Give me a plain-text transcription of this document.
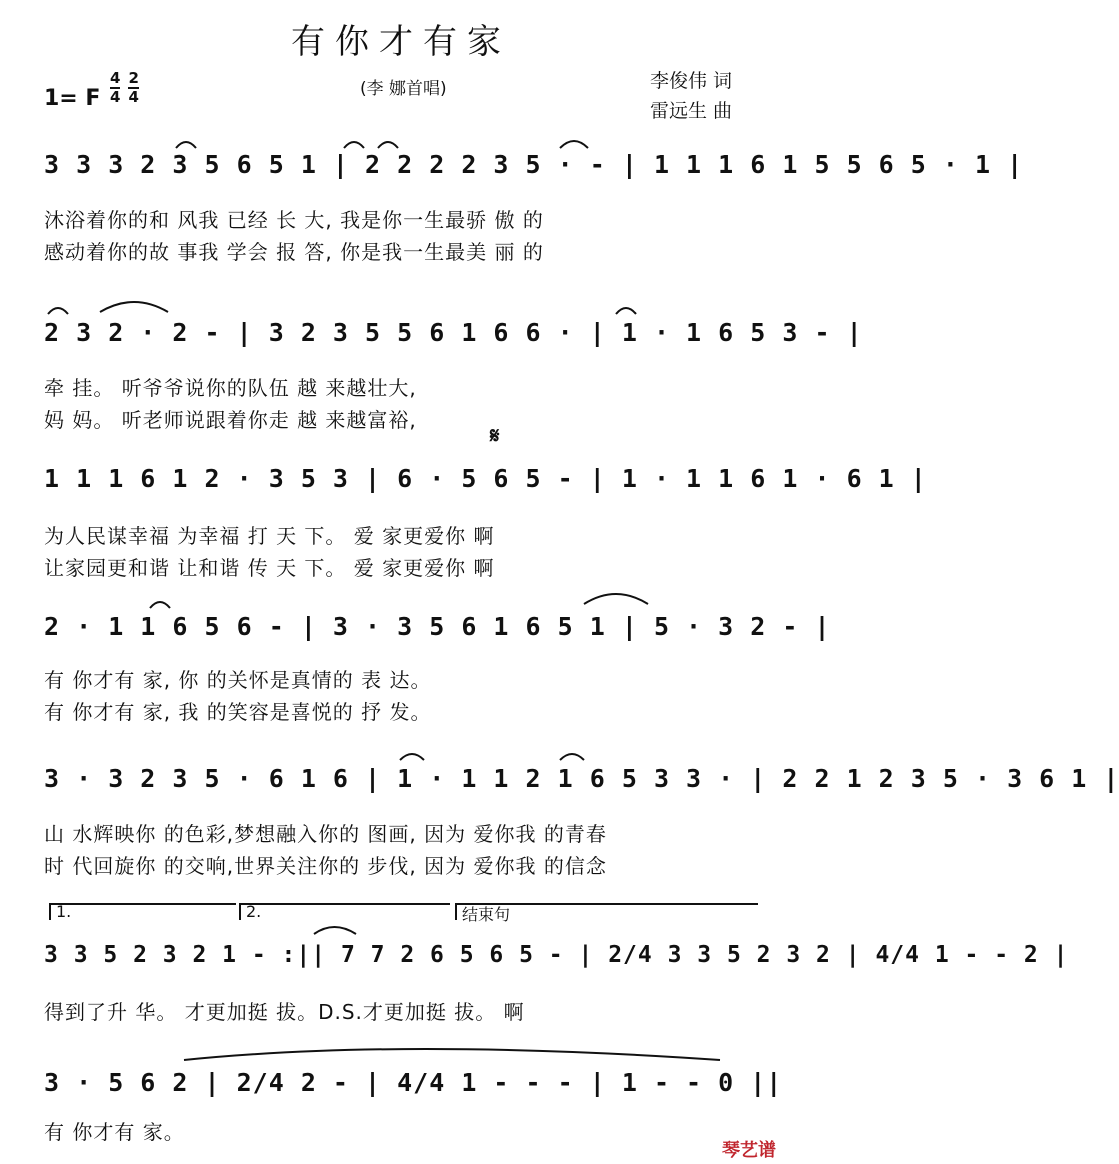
有你才有家
1= F $\frac{4}{4} \frac{2}{4}$	(李 娜首唱)	李俊伟 词
雷远生 曲
3 3 3 2 3 5 6 5 1 | 2 2 2 2 3 5 · - | 1 1 1 6 1 5 5 6 5 · 1 |
沐浴着你的和 风我 已经 长 大, 我是你一生最骄 傲 的
感动着你的故 事我 学会 报 答, 你是我一生最美 丽 的
2 3 2 · 2 - | 3 2 3 5 5 6 1 6 6 · | 1 · 1 6 5 3 - |
牵 挂。 听爷爷说你的队伍 越 来越壮大,
妈 妈。 听老师说跟着你走 越 来越富裕,
𝄋
1 1 1 6 1 2 · 3 5 3 | 6 · 5 6 5 - | 1 · 1 1 6 1 · 6 1 |
为人民谋幸福 为幸福 打 天 下。 爱 家更爱你 啊
让家园更和谐 让和谐 传 天 下。 爱 家更爱你 啊
2 · 1 1 6 5 6 - | 3 · 3 5 6 1 6 5 1 | 5 · 3 2 - |
有 你才有 家, 你 的关怀是真情的 表 达。
有 你才有 家, 我 的笑容是喜悦的 抒 发。
3 · 3 2 3 5 · 6 1 6 | 1 · 1 1 2 1 6 5 3 3 · | 2 2 1 2 3 5 · 3 6 1 |
山 水辉映你 的色彩,梦想融入你的 图画, 因为 爱你我 的青春
时 代回旋你 的交响,世界关注你的 步伐, 因为 爱你我 的信念
1.	2.	结束句
3 3 5 2 3 2 1 - :|| 7 7 2 6 5 6 5 - | 2/4 3 3 5 2 3 2 | 4/4 1 - - 2 |
得到了升 华。 才更加挺 拔。D.S.才更加挺 拔。 啊
3 · 5 6 2 | 2/4 2 - | 4/4 1 - - - | 1 - - 0 ||
有 你才有 家。
琴艺谱
